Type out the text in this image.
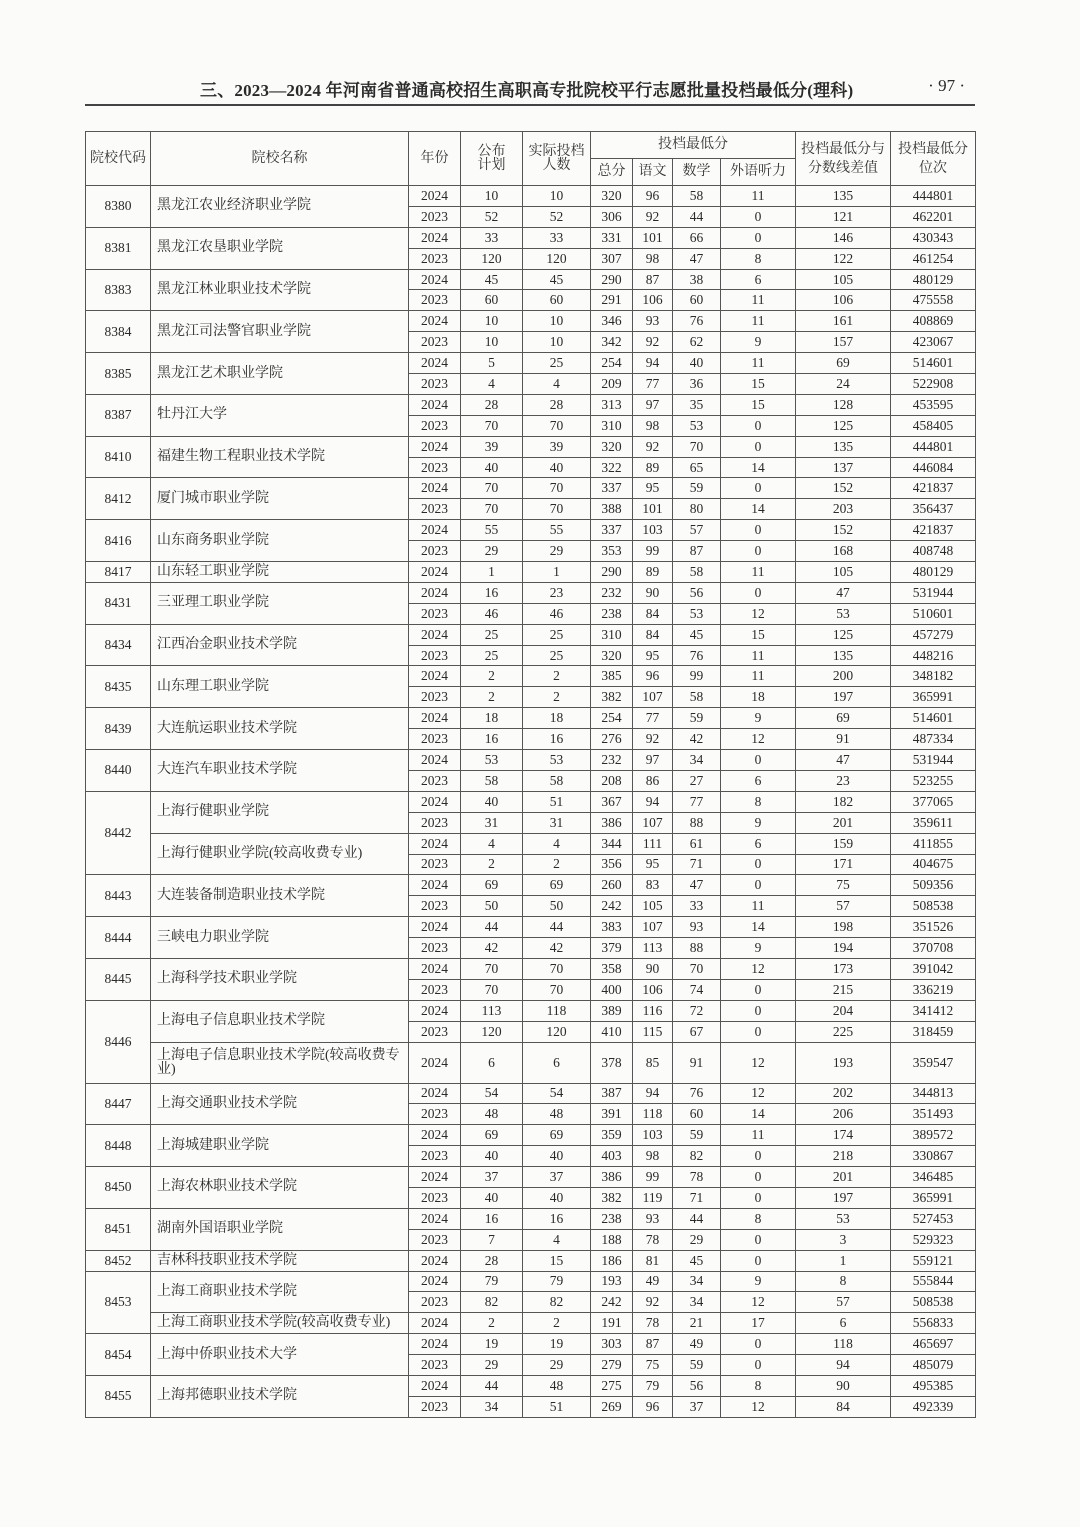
三、2023—2024 年河南省普通高校招生高职高专批院校平行志愿批量投档最低分(理科)	· 97 ·
院校代码	院校名称	年份	公布计划	实际投档人数	投档最低分				投档最低分与分数线差值	投档最低分位次
					总分	语文	数学	外语听力		
8380	黑龙江农业经济职业学院	2024	10	10	320	96	58	11	135	444801
		2023	52	52	306	92	44	0	121	462201
8381	黑龙江农垦职业学院	2024	33	33	331	101	66	0	146	430343
		2023	120	120	307	98	47	8	122	461254
8383	黑龙江林业职业技术学院	2024	45	45	290	87	38	6	105	480129
		2023	60	60	291	106	60	11	106	475558
8384	黑龙江司法警官职业学院	2024	10	10	346	93	76	11	161	408869
		2023	10	10	342	92	62	9	157	423067
8385	黑龙江艺术职业学院	2024	5	25	254	94	40	11	69	514601
		2023	4	4	209	77	36	15	24	522908
8387	牡丹江大学	2024	28	28	313	97	35	15	128	453595
		2023	70	70	310	98	53	0	125	458405
8410	福建生物工程职业技术学院	2024	39	39	320	92	70	0	135	444801
		2023	40	40	322	89	65	14	137	446084
8412	厦门城市职业学院	2024	70	70	337	95	59	0	152	421837
		2023	70	70	388	101	80	14	203	356437
8416	山东商务职业学院	2024	55	55	337	103	57	0	152	421837
		2023	29	29	353	99	87	0	168	408748
8417	山东轻工职业学院	2024	1	1	290	89	58	11	105	480129
8431	三亚理工职业学院	2024	16	23	232	90	56	0	47	531944
		2023	46	46	238	84	53	12	53	510601
8434	江西冶金职业技术学院	2024	25	25	310	84	45	15	125	457279
		2023	25	25	320	95	76	11	135	448216
8435	山东理工职业学院	2024	2	2	385	96	99	11	200	348182
		2023	2	2	382	107	58	18	197	365991
8439	大连航运职业技术学院	2024	18	18	254	77	59	9	69	514601
		2023	16	16	276	92	42	12	91	487334
8440	大连汽车职业技术学院	2024	53	53	232	97	34	0	47	531944
		2023	58	58	208	86	27	6	23	523255
8442	上海行健职业学院	2024	40	51	367	94	77	8	182	377065
		2023	31	31	386	107	88	9	201	359611
	上海行健职业学院(较高收费专业)	2024	4	4	344	111	61	6	159	411855
		2023	2	2	356	95	71	0	171	404675
8443	大连装备制造职业技术学院	2024	69	69	260	83	47	0	75	509356
		2023	50	50	242	105	33	11	57	508538
8444	三峡电力职业学院	2024	44	44	383	107	93	14	198	351526
		2023	42	42	379	113	88	9	194	370708
8445	上海科学技术职业学院	2024	70	70	358	90	70	12	173	391042
		2023	70	70	400	106	74	0	215	336219
8446	上海电子信息职业技术学院	2024	113	118	389	116	72	0	204	341412
		2023	120	120	410	115	67	0	225	318459
	上海电子信息职业技术学院(较高收费专业)	2024	6	6	378	85	91	12	193	359547
8447	上海交通职业技术学院	2024	54	54	387	94	76	12	202	344813
		2023	48	48	391	118	60	14	206	351493
8448	上海城建职业学院	2024	69	69	359	103	59	11	174	389572
		2023	40	40	403	98	82	0	218	330867
8450	上海农林职业技术学院	2024	37	37	386	99	78	0	201	346485
		2023	40	40	382	119	71	0	197	365991
8451	湖南外国语职业学院	2024	16	16	238	93	44	8	53	527453
		2023	7	4	188	78	29	0	3	529323
8452	吉林科技职业技术学院	2024	28	15	186	81	45	0	1	559121
8453	上海工商职业技术学院	2024	79	79	193	49	34	9	8	555844
		2023	82	82	242	92	34	12	57	508538
	上海工商职业技术学院(较高收费专业)	2024	2	2	191	78	21	17	6	556833
8454	上海中侨职业技术大学	2024	19	19	303	87	49	0	118	465697
		2023	29	29	279	75	59	0	94	485079
8455	上海邦德职业技术学院	2024	44	48	275	79	56	8	90	495385
		2023	34	51	269	96	37	12	84	492339
